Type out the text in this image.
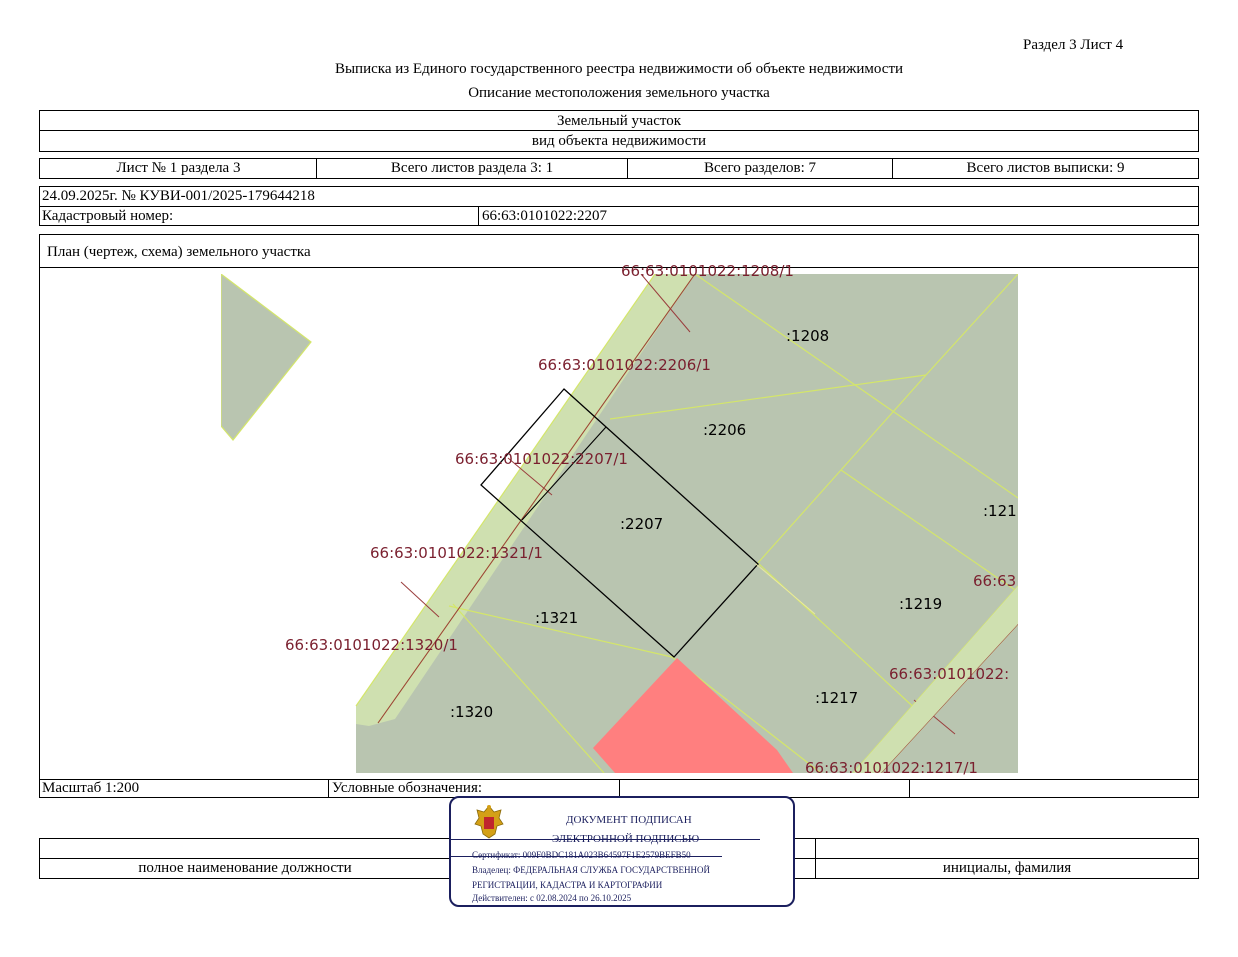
Раздел 3 Лист 4
Выписка из Единого государственного реестра недвижимости об объекте недвижимости
Описание местоположения земельного участка
Земельный участок
вид объекта недвижимости
Лист № 1 раздела 3	Всего листов раздела 3: 1	Всего разделов: 7	Всего листов выписки: 9
24.09.2025г. № КУВИ-001/2025-179644218
Кадастровый номер:	66:63:0101022:2207
План (чертеж, схема) земельного участка
Масштаб 1:200	Условные обозначения:
:1208
:2206
:2207
:121
:1219
:1321
:1217
:1320
66:63:0101022:1208/1
66:63:0101022:2206/1
66:63:0101022:2207/1
66:63:0101022:1321/1
66:63
66:63:0101022:1320/1
66:63:0101022:
66:63:0101022:1217/1
полное наименование должности	инициалы, фамилия
ДОКУМЕНТ ПОДПИСАН
ЭЛЕКТРОННОЙ ПОДПИСЬЮ
Сертификат: 009F0BDC181A023B64597F1E2579BEFB50
Владелец: ФЕДЕРАЛЬНАЯ СЛУЖБА ГОСУДАРСТВЕННОЙ
РЕГИСТРАЦИИ, КАДАСТРА И КАРТОГРАФИИ
Действителен: с 02.08.2024 по 26.10.2025
